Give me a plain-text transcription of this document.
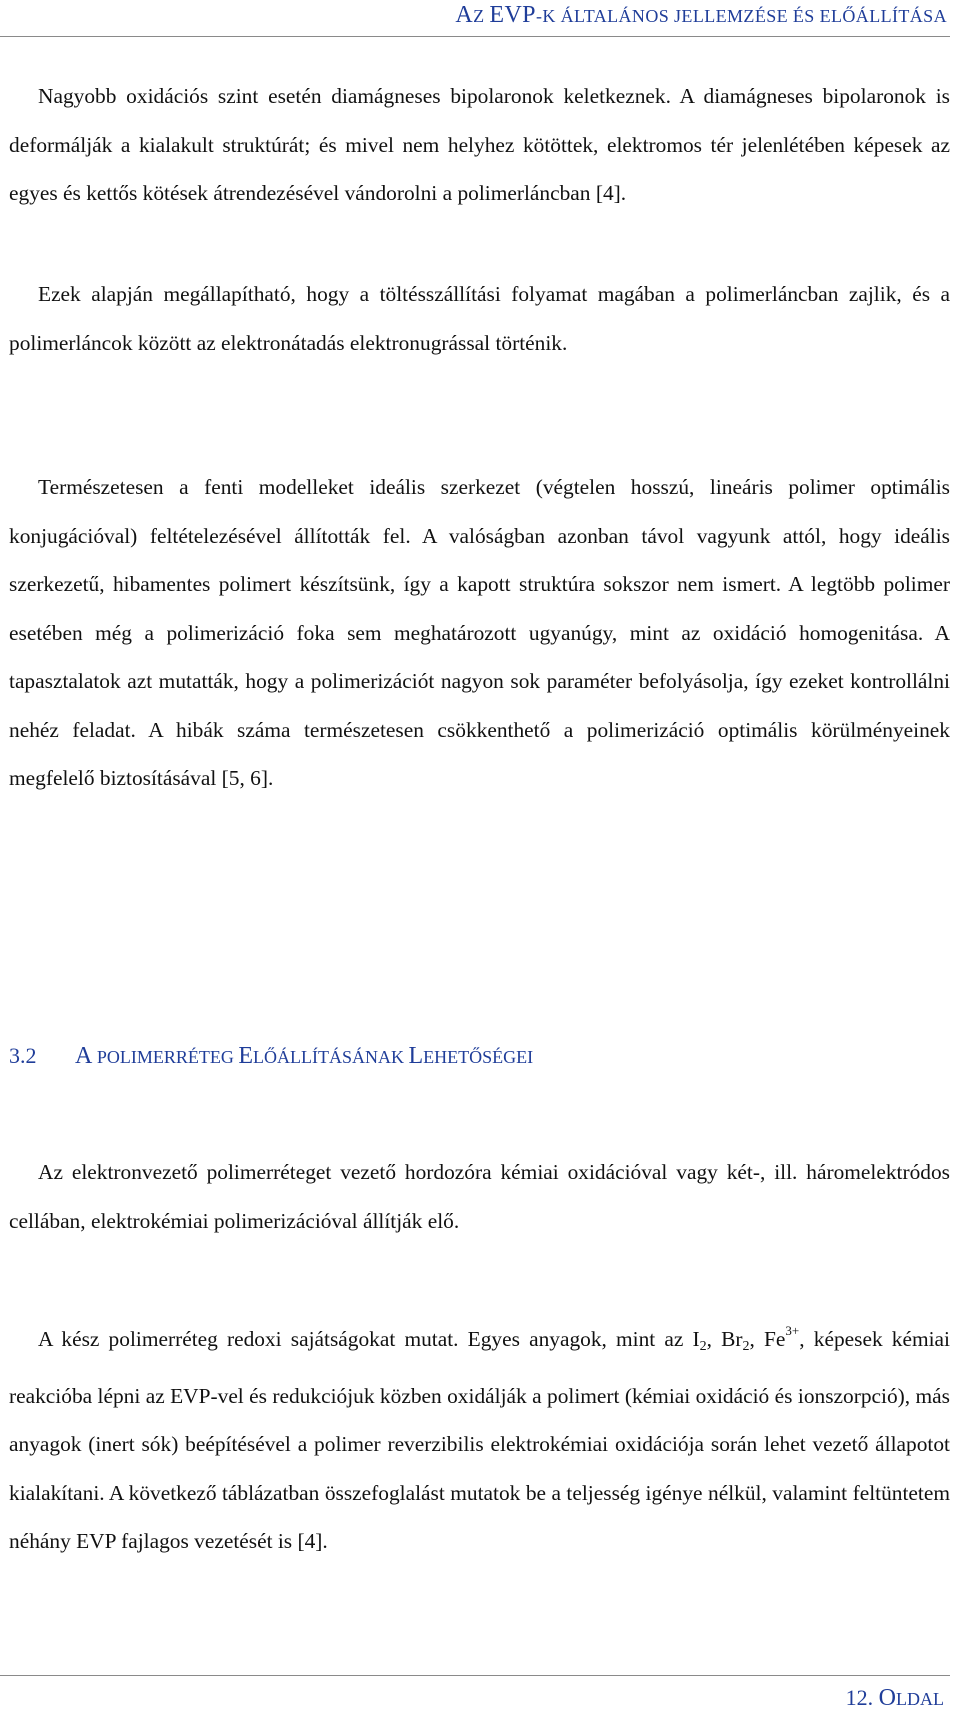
AZ EVP-K ÁLTALÁNOS JELLEMZÉSE ÉS ELŐÁLLÍTÁSA

Nagyobb oxidációs szint esetén diamágneses bipolaronok keletkeznek. A diamágneses bipolaronok is deformálják a kialakult struktúrát; és mivel nem helyhez kötöttek, elektromos tér jelenlétében képesek az egyes és kettős kötések átrendezésével vándorolni a polimerláncban [4].

Ezek alapján megállapítható, hogy a töltésszállítási folyamat magában a polimerláncban zajlik, és a polimerláncok között az elektronátadás elektronugrással történik.

Természetesen a fenti modelleket ideális szerkezet (végtelen hosszú, lineáris polimer optimális konjugációval) feltételezésével állították fel. A valóságban azonban távol vagyunk attól, hogy ideális szerkezetű, hibamentes polimert készítsünk, így a kapott struktúra sokszor nem ismert. A legtöbb polimer esetében még a polimerizáció foka sem meghatározott ugyanúgy, mint az oxidáció homogenitása. A tapasztalatok azt mutatták, hogy a polimerizációt nagyon sok paraméter befolyásolja, így ezeket kontrollálni nehéz feladat. A hibák száma természetesen csökkenthető a polimerizáció optimális körülményeinek megfelelő biztosításával [5, 6].

3.2 A POLIMERRÉTEG ELŐÁLLÍTÁSÁNAK LEHETŐSÉGEI

Az elektronvezető polimerréteget vezető hordozóra kémiai oxidációval vagy két-, ill. háromelektródos cellában, elektrokémiai polimerizációval állítják elő.

A kész polimerréteg redoxi sajátságokat mutat. Egyes anyagok, mint az $I_2$, $Br_2$, $Fe^{3+}$, képesek kémiai reakcióba lépni az EVP-vel és redukciójuk közben oxidálják a polimert (kémiai oxidáció és ionszorpció), más anyagok (inert sók) beépítésével a polimer reverzibilis elektrokémiai oxidációja során lehet vezető állapotot kialakítani. A következő táblázatban összefoglalást mutatok be a teljesség igénye nélkül, valamint feltüntetem néhány EVP fajlagos vezetését is [4].

12. OLDAL
